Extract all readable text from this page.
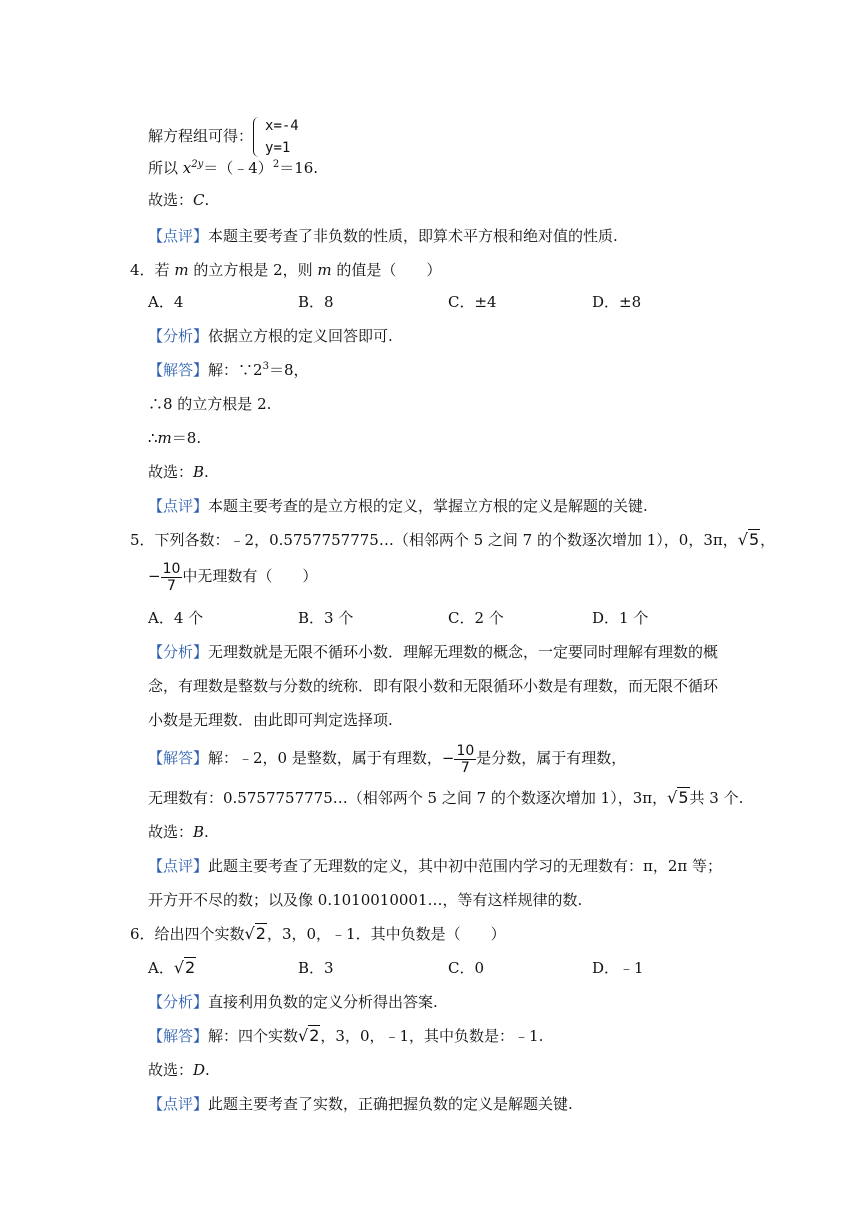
解方程组可得：
x=-4
y=1
所以 $x^{2y}=(﹣4)^2=16$.
故选：C.
【点评】本题主要考查了非负数的性质，即算术平方根和绝对值的性质.
4．若 m 的立方根是 2，则 m 的值是（　　）
A．4	B．8	C．±4	D．±8
【分析】依据立方根的定义回答即可.
【解答】解：$\because 2^3=8$，
∴8 的立方根是 2.
∴m＝8.
故选：B.
【点评】本题主要考查的是立方根的定义，掌握立方根的定义是解题的关键.
5．下列各数：﹣2，0.5757757775…（相邻两个 5 之间 7 的个数逐次增加 1），0，3π，√5，
− $\frac{10}{7}$ 中无理数有（　　）
A．4 个	B．3 个	C．2 个	D．1 个
【分析】无理数就是无限不循环小数．理解无理数的概念，一定要同时理解有理数的概
念，有理数是整数与分数的统称．即有限小数和无限循环小数是有理数，而无限不循环
小数是无理数．由此即可判定选择项.
【解答】解：﹣2，0 是整数，属于有理数，− $\frac{10}{7}$ 是分数，属于有理数，
无理数有：0.5757757775…（相邻两个 5 之间 7 的个数逐次增加 1），3π，√5共 3 个.
故选：B.
【点评】此题主要考查了无理数的定义，其中初中范围内学习的无理数有：π，2π 等；
开方开不尽的数；以及像 0.1010010001…，等有这样规律的数.
6．给出四个实数√2，3，0，﹣1．其中负数是（　　）
A．√2	B．3	C．0	D．﹣1
【分析】直接利用负数的定义分析得出答案.
【解答】解：四个实数√2，3，0，﹣1，其中负数是：﹣1.
故选：D.
【点评】此题主要考查了实数，正确把握负数的定义是解题关键.
